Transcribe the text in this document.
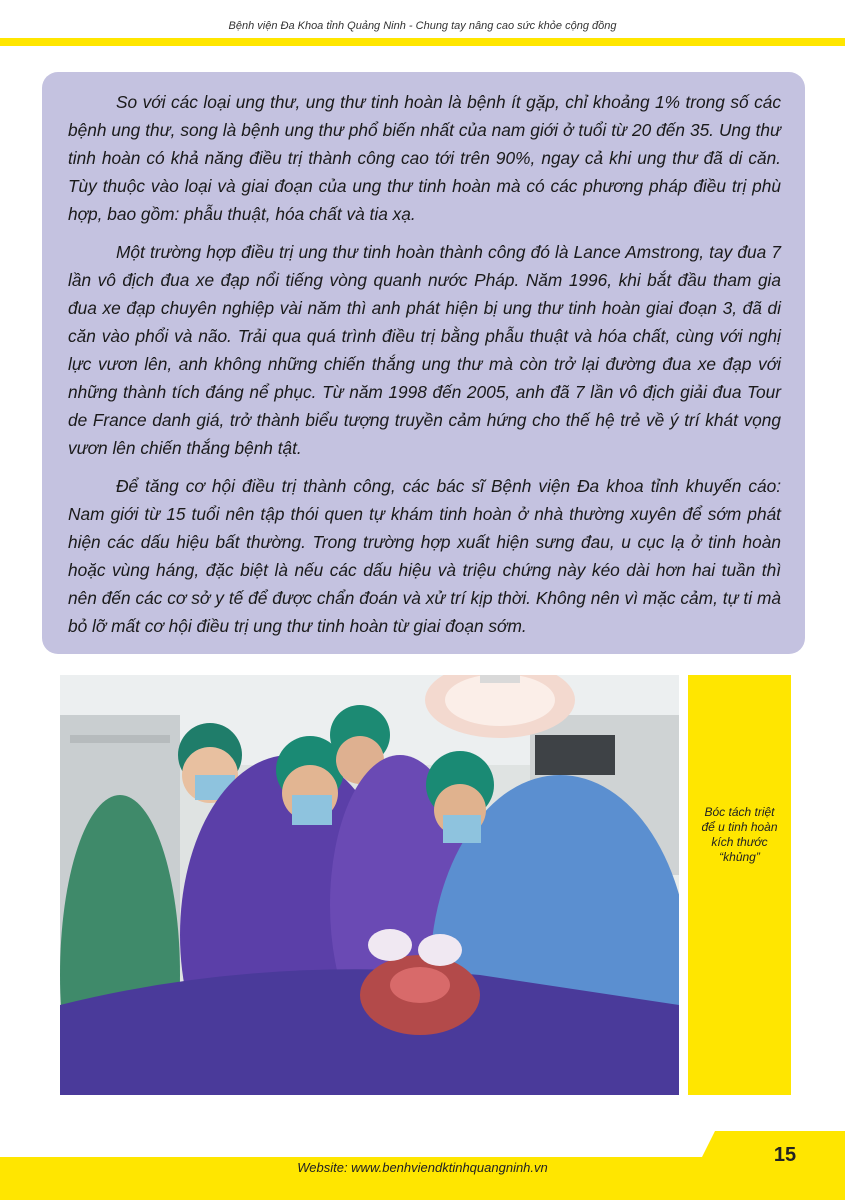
Bệnh viện Đa Khoa tỉnh Quảng Ninh - Chung tay nâng cao sức khỏe cộng đồng

So với các loại ung thư, ung thư tinh hoàn là bệnh ít gặp, chỉ khoảng 1% trong số các bệnh ung thư, song là bệnh ung thư phổ biến nhất của nam giới ở tuổi từ 20 đến 35. Ung thư tinh hoàn có khả năng điều trị thành công cao tới trên 90%, ngay cả khi ung thư đã di căn. Tùy thuộc vào loại và giai đoạn của ung thư tinh hoàn mà có các phương pháp điều trị phù hợp, bao gồm: phẫu thuật, hóa chất và tia xạ.

Một trường hợp điều trị ung thư tinh hoàn thành công đó là Lance Amstrong, tay đua 7 lần vô địch đua xe đạp nổi tiếng vòng quanh nước Pháp. Năm 1996, khi bắt đầu tham gia đua xe đạp chuyên nghiệp vài năm thì anh phát hiện bị ung thư tinh hoàn giai đoạn 3, đã di căn vào phổi và não. Trải qua quá trình điều trị bằng phẫu thuật và hóa chất, cùng với nghị lực vươn lên, anh không những chiến thắng ung thư mà còn trở lại đường đua xe đạp với những thành tích đáng nể phục. Từ năm 1998 đến 2005, anh đã 7 lần vô địch giải đua Tour de France danh giá, trở thành biểu tượng truyền cảm hứng cho thế hệ trẻ về ý trí khát vọng vươn lên chiến thắng bệnh tật.

Để tăng cơ hội điều trị thành công, các bác sĩ Bệnh viện Đa khoa tỉnh khuyến cáo: Nam giới từ 15 tuổi nên tập thói quen tự khám tinh hoàn ở nhà thường xuyên để sớm phát hiện các dấu hiệu bất thường. Trong trường hợp xuất hiện sưng đau, u cục lạ ở tinh hoàn hoặc vùng háng, đặc biệt là nếu các dấu hiệu và triệu chứng này kéo dài hơn hai tuần thì nên đến các cơ sở y tế để được chẩn đoán và xử trí kịp thời. Không nên vì mặc cảm, tự ti mà bỏ lỡ mất cơ hội điều trị ung thư tinh hoàn từ giai đoạn sớm.

Bóc tách triệt để u tinh hoàn kích thước “khủng”
Website: www.benhviendktinhquangninh.vn
15
